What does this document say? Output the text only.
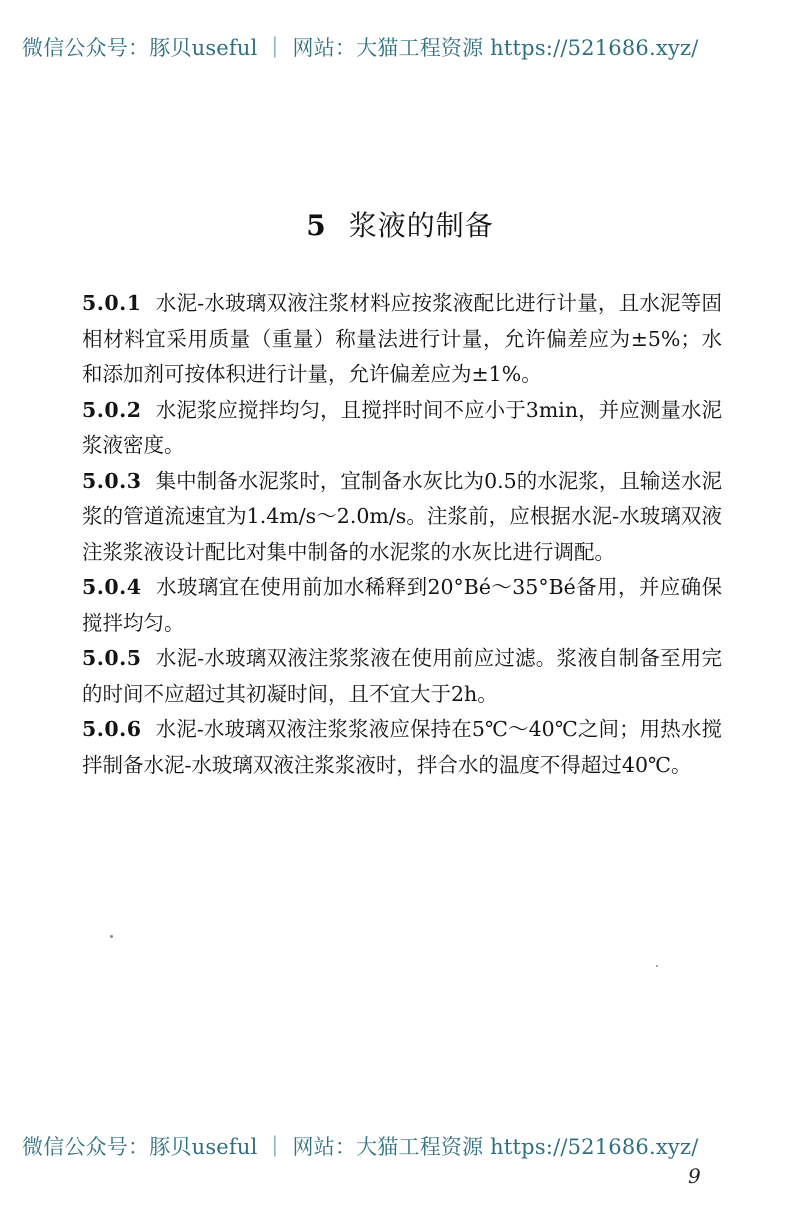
微信公众号：豚贝useful ｜ 网站：大猫工程资源 https://521686.xyz/
5 浆液的制备

5.0.1 水泥-水玻璃双液注浆材料应按浆液配比进行计量，且水泥等固相材料宜采用质量（重量）称量法进行计量，允许偏差应为±5%；水和添加剂可按体积进行计量，允许偏差应为±1%。

5.0.2 水泥浆应搅拌均匀，且搅拌时间不应小于3min，并应测量水泥浆液密度。

5.0.3 集中制备水泥浆时，宜制备水灰比为0.5的水泥浆，且输送水泥浆的管道流速宜为1.4m/s～2.0m/s。注浆前，应根据水泥-水玻璃双液注浆浆液设计配比对集中制备的水泥浆的水灰比进行调配。

5.0.4 水玻璃宜在使用前加水稀释到20°Bé～35°Bé备用，并应确保搅拌均匀。

5.0.5 水泥-水玻璃双液注浆浆液在使用前应过滤。浆液自制备至用完的时间不应超过其初凝时间，且不宜大于2h。

5.0.6 水泥-水玻璃双液注浆浆液应保持在5℃～40℃之间；用热水搅拌制备水泥-水玻璃双液注浆浆液时，拌合水的温度不得超过40℃。

微信公众号：豚贝useful ｜ 网站：大猫工程资源 https://521686.xyz/
9
